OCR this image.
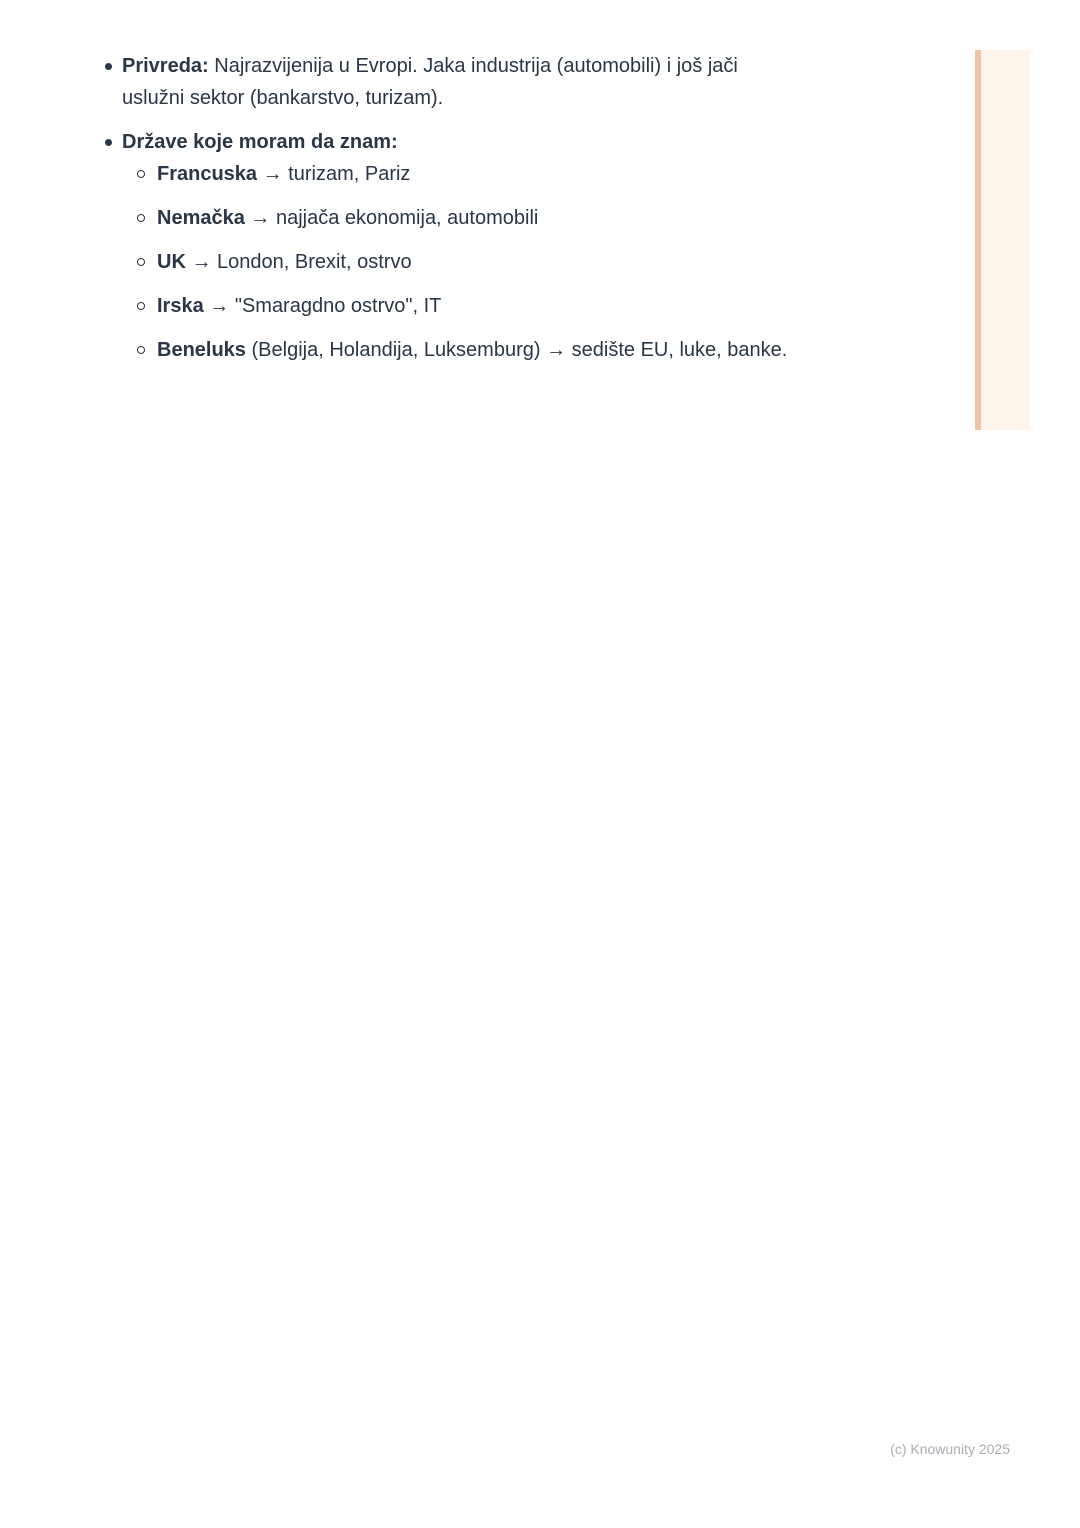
Privreda: Najrazvijenija u Evropi. Jaka industrija (automobili) i još jači uslužni sektor (bankarstvo, turizam).

Države koje moram da znam:

Francuska → turizam, Pariz

Nemačka → najjača ekonomija, automobili

UK → London, Brexit, ostrvo

Irska → "Smaragdno ostrvo", IT

Beneluks (Belgija, Holandija, Luksemburg) → sedište EU, luke, banke.

(c) Knowunity 2025
